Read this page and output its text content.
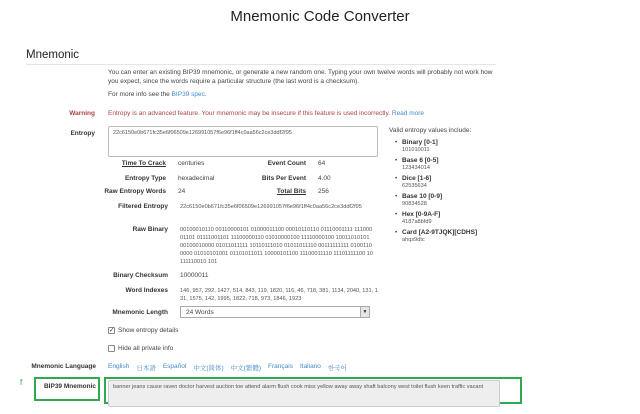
Mnemonic Code Converter
Mnemonic
You can enter an existing BIP39 mnemonic, or generate a new random one. Typing your own twelve words will probably not work how you expect, since the words require a particular structure (the last word is a checksum).
For more info see the BIP39 spec.
Warning Entropy is an advanced feature. Your mnemonic may be insecure if this feature is used incorrectly. Read more
Entropy	22c6150e0b671fc35e6f06509e126991057f6e96f1ff4c0aa56c2ce3ddf2f95	Valid entropy values include:
• Binary [0-1]
101010011
• Base 6 [0-5]
123434014
• Dice [1-6]
62535634
• Base 10 [0-9]
90834528
• Hex [0-9A-F]
4187a8bfd9
• Card [A2-9TJQK][CDHS]
ahqs9dtc
Time To Crack centuries	Event Count 64
Entropy Type hexadecimal	Bits Per Event 4.00
Raw Entropy Words 24	Total Bits 256
Filtered Entropy 22c6150e0b671fc35e6f06509e126991057f6e96f1ff4c0aa56c2ce3ddf2f95
Raw Binary 00100010110 00110000101 01000011100 00010110110 01110001111 11100001101 01111001101 11100000110 01010000100 11110000100 10011010101 00100010000 01011011111 10110111010 01011011110 00111111111 01001100000 01010101001 01101011011 10000101100 11100011110 11101111100 10111110010 101
Binary Checksum 10000011
Word Indexes 146, 957, 292, 1427, 514, 843, 119, 1820, 116, 46, 718, 381, 1134, 2040, 131, 131, 1575, 142, 1995, 1822, 718, 973, 1846, 1923
Mnemonic Length	24 Words	▼
✓
Show entropy details
Hide all private info
Mnemonic Language English 日本語 Español 中文(简体) 中文(繁體) Français Italiano 한국어
f	BIP39 Mnemonic	banner jeans cause raven doctor harvest auction toe attend alarm flush cook miss yellow away away shaft balcony west toilet flush keen traffic vacant
